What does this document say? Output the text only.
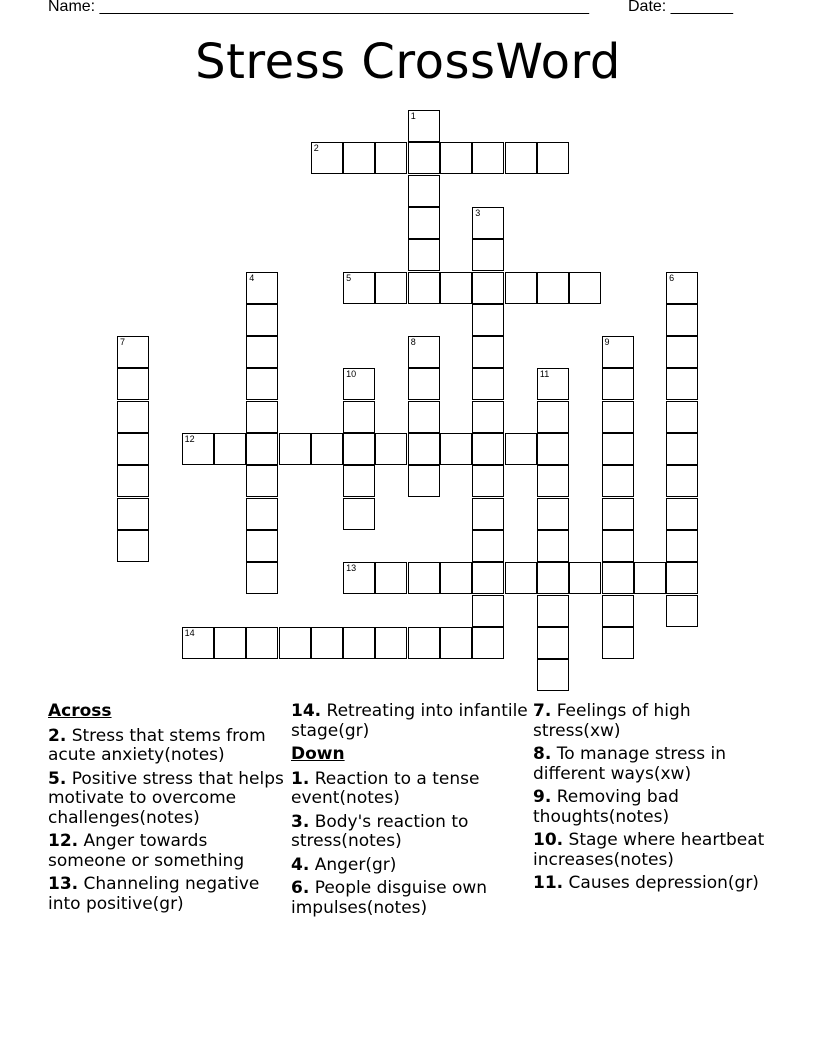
Name: _______________________________________________________ Date: _______
Stress CrossWord
1
2
3
4	5	6
7	8	9
10	11
12
13
14
Across
2. Stress that stems from acute anxiety(notes)
5. Positive stress that helps motivate to overcome challenges(notes)
12. Anger towards someone or something
13. Channeling negative into positive(gr)
14. Retreating into infantile stage(gr)
Down
1. Reaction to a tense event(notes)
3. Body's reaction to stress(notes)
4. Anger(gr)
6. People disguise own impulses(notes)
7. Feelings of high stress(xw)
8. To manage stress in different ways(xw)
9. Removing bad thoughts(notes)
10. Stage where heartbeat increases(notes)
11. Causes depression(gr)
